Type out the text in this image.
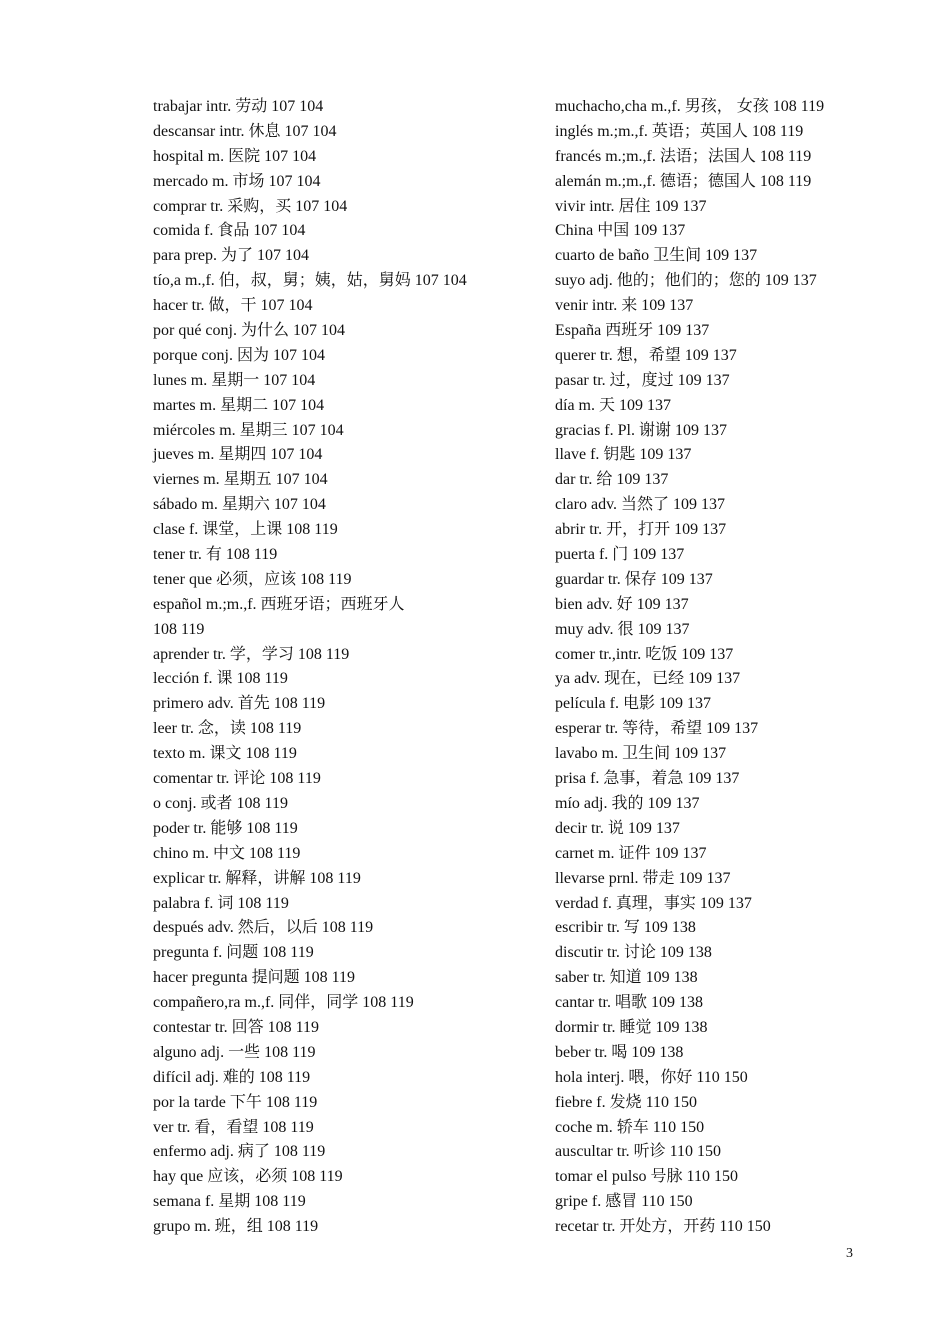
trabajar intr. 劳动 107 104
descansar intr. 休息 107 104
hospital m. 医院 107 104
mercado m. 市场 107 104
comprar tr. 采购，买 107 104
comida f. 食品 107 104
para prep. 为了 107 104
tío,a m.,f. 伯，叔，舅；姨，姑，舅妈 107 104
hacer tr. 做，干 107 104
por qué conj. 为什么 107 104
porque conj. 因为 107 104
lunes m. 星期一 107 104
martes m. 星期二 107 104
miércoles m. 星期三 107 104
jueves m. 星期四 107 104
viernes m. 星期五 107 104
sábado m. 星期六 107 104
clase f. 课堂，上课 108 119
tener tr. 有 108 119
tener que 必须，应该 108 119
español m.;m.,f. 西班牙语；西班牙人
108 119
aprender tr. 学，学习 108 119
lección f. 课 108 119
primero adv. 首先 108 119
leer tr. 念，读 108 119
texto m. 课文 108 119
comentar tr. 评论 108 119
o conj. 或者 108 119
poder tr. 能够 108 119
chino m. 中文 108 119
explicar tr. 解释，讲解 108 119
palabra f. 词 108 119
después adv. 然后，以后 108 119
pregunta f. 问题 108 119
hacer pregunta 提问题 108 119
compañero,ra m.,f. 同伴，同学 108 119
contestar tr. 回答 108 119
alguno adj. 一些 108 119
difícil adj. 难的 108 119
por la tarde 下午 108 119
ver tr. 看，看望 108 119
enfermo adj. 病了 108 119
hay que 应该，必须 108 119
semana f. 星期 108 119
grupo m. 班，组 108 119
muchacho,cha m.,f. 男孩， 女孩 108 119
inglés m.;m.,f. 英语；英国人 108 119
francés m.;m.,f. 法语；法国人 108 119
alemán m.;m.,f. 德语；德国人 108 119
vivir intr. 居住 109 137
China 中国 109 137
cuarto de baño 卫生间 109 137
suyo adj. 他的；他们的；您的 109 137
venir intr. 来 109 137
España 西班牙 109 137
querer tr. 想，希望 109 137
pasar tr. 过，度过 109 137
día m. 天 109 137
gracias f. Pl. 谢谢 109 137
llave f. 钥匙 109 137
dar tr. 给 109 137
claro adv. 当然了 109 137
abrir tr. 开，打开 109 137
puerta f. 门 109 137
guardar tr. 保存 109 137
bien adv. 好 109 137
muy adv. 很 109 137
comer tr.,intr. 吃饭 109 137
ya adv. 现在，已经 109 137
película f. 电影 109 137
esperar tr. 等待，希望 109 137
lavabo m. 卫生间 109 137
prisa f. 急事，着急 109 137
mío adj. 我的 109 137
decir tr. 说 109 137
carnet m. 证件 109 137
llevarse prnl. 带走 109 137
verdad f. 真理，事实 109 137
escribir tr. 写 109 138
discutir tr. 讨论 109 138
saber tr. 知道 109 138
cantar tr. 唱歌 109 138
dormir tr. 睡觉 109 138
beber tr. 喝 109 138
hola interj. 喂，你好 110 150
fiebre f. 发烧 110 150
coche m. 轿车 110 150
auscultar tr. 听诊 110 150
tomar el pulso 号脉 110 150
gripe f. 感冒 110 150
recetar tr. 开处方，开药 110 150
3
